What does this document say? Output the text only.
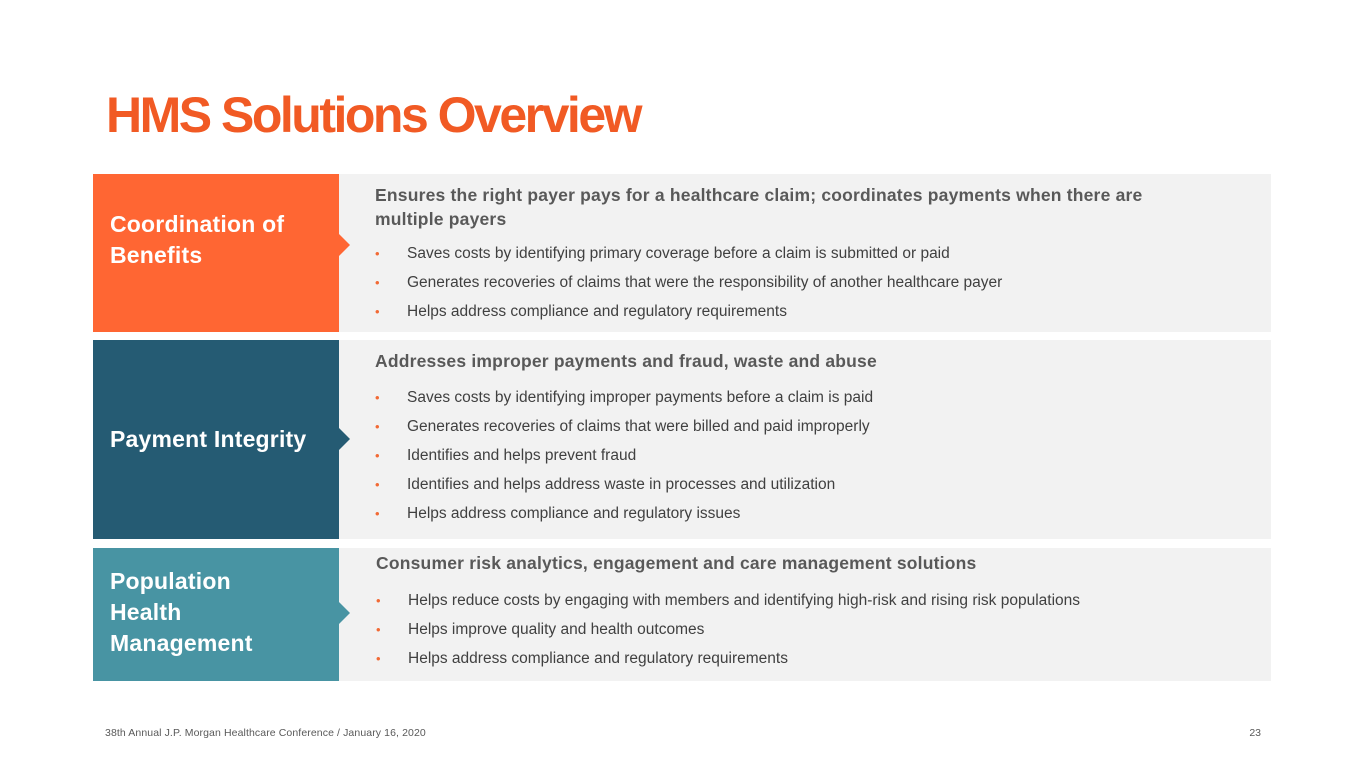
HMS Solutions Overview
Coordination of Benefits
Ensures the right payer pays for a healthcare claim; coordinates payments when there are multiple payers
• Saves costs by identifying primary coverage before a claim is submitted or paid
• Generates recoveries of claims that were the responsibility of another healthcare payer
• Helps address compliance and regulatory requirements
Payment Integrity
Addresses improper payments and fraud, waste and abuse
• Saves costs by identifying improper payments before a claim is paid
• Generates recoveries of claims that were billed and paid improperly
• Identifies and helps prevent fraud
• Identifies and helps address waste in processes and utilization
• Helps address compliance and regulatory issues
Population Health Management
Consumer risk analytics, engagement and care management solutions
• Helps reduce costs by engaging with members and identifying high-risk and rising risk populations
• Helps improve quality and health outcomes
• Helps address compliance and regulatory requirements
38th Annual J.P. Morgan Healthcare Conference / January 16, 2020	23
